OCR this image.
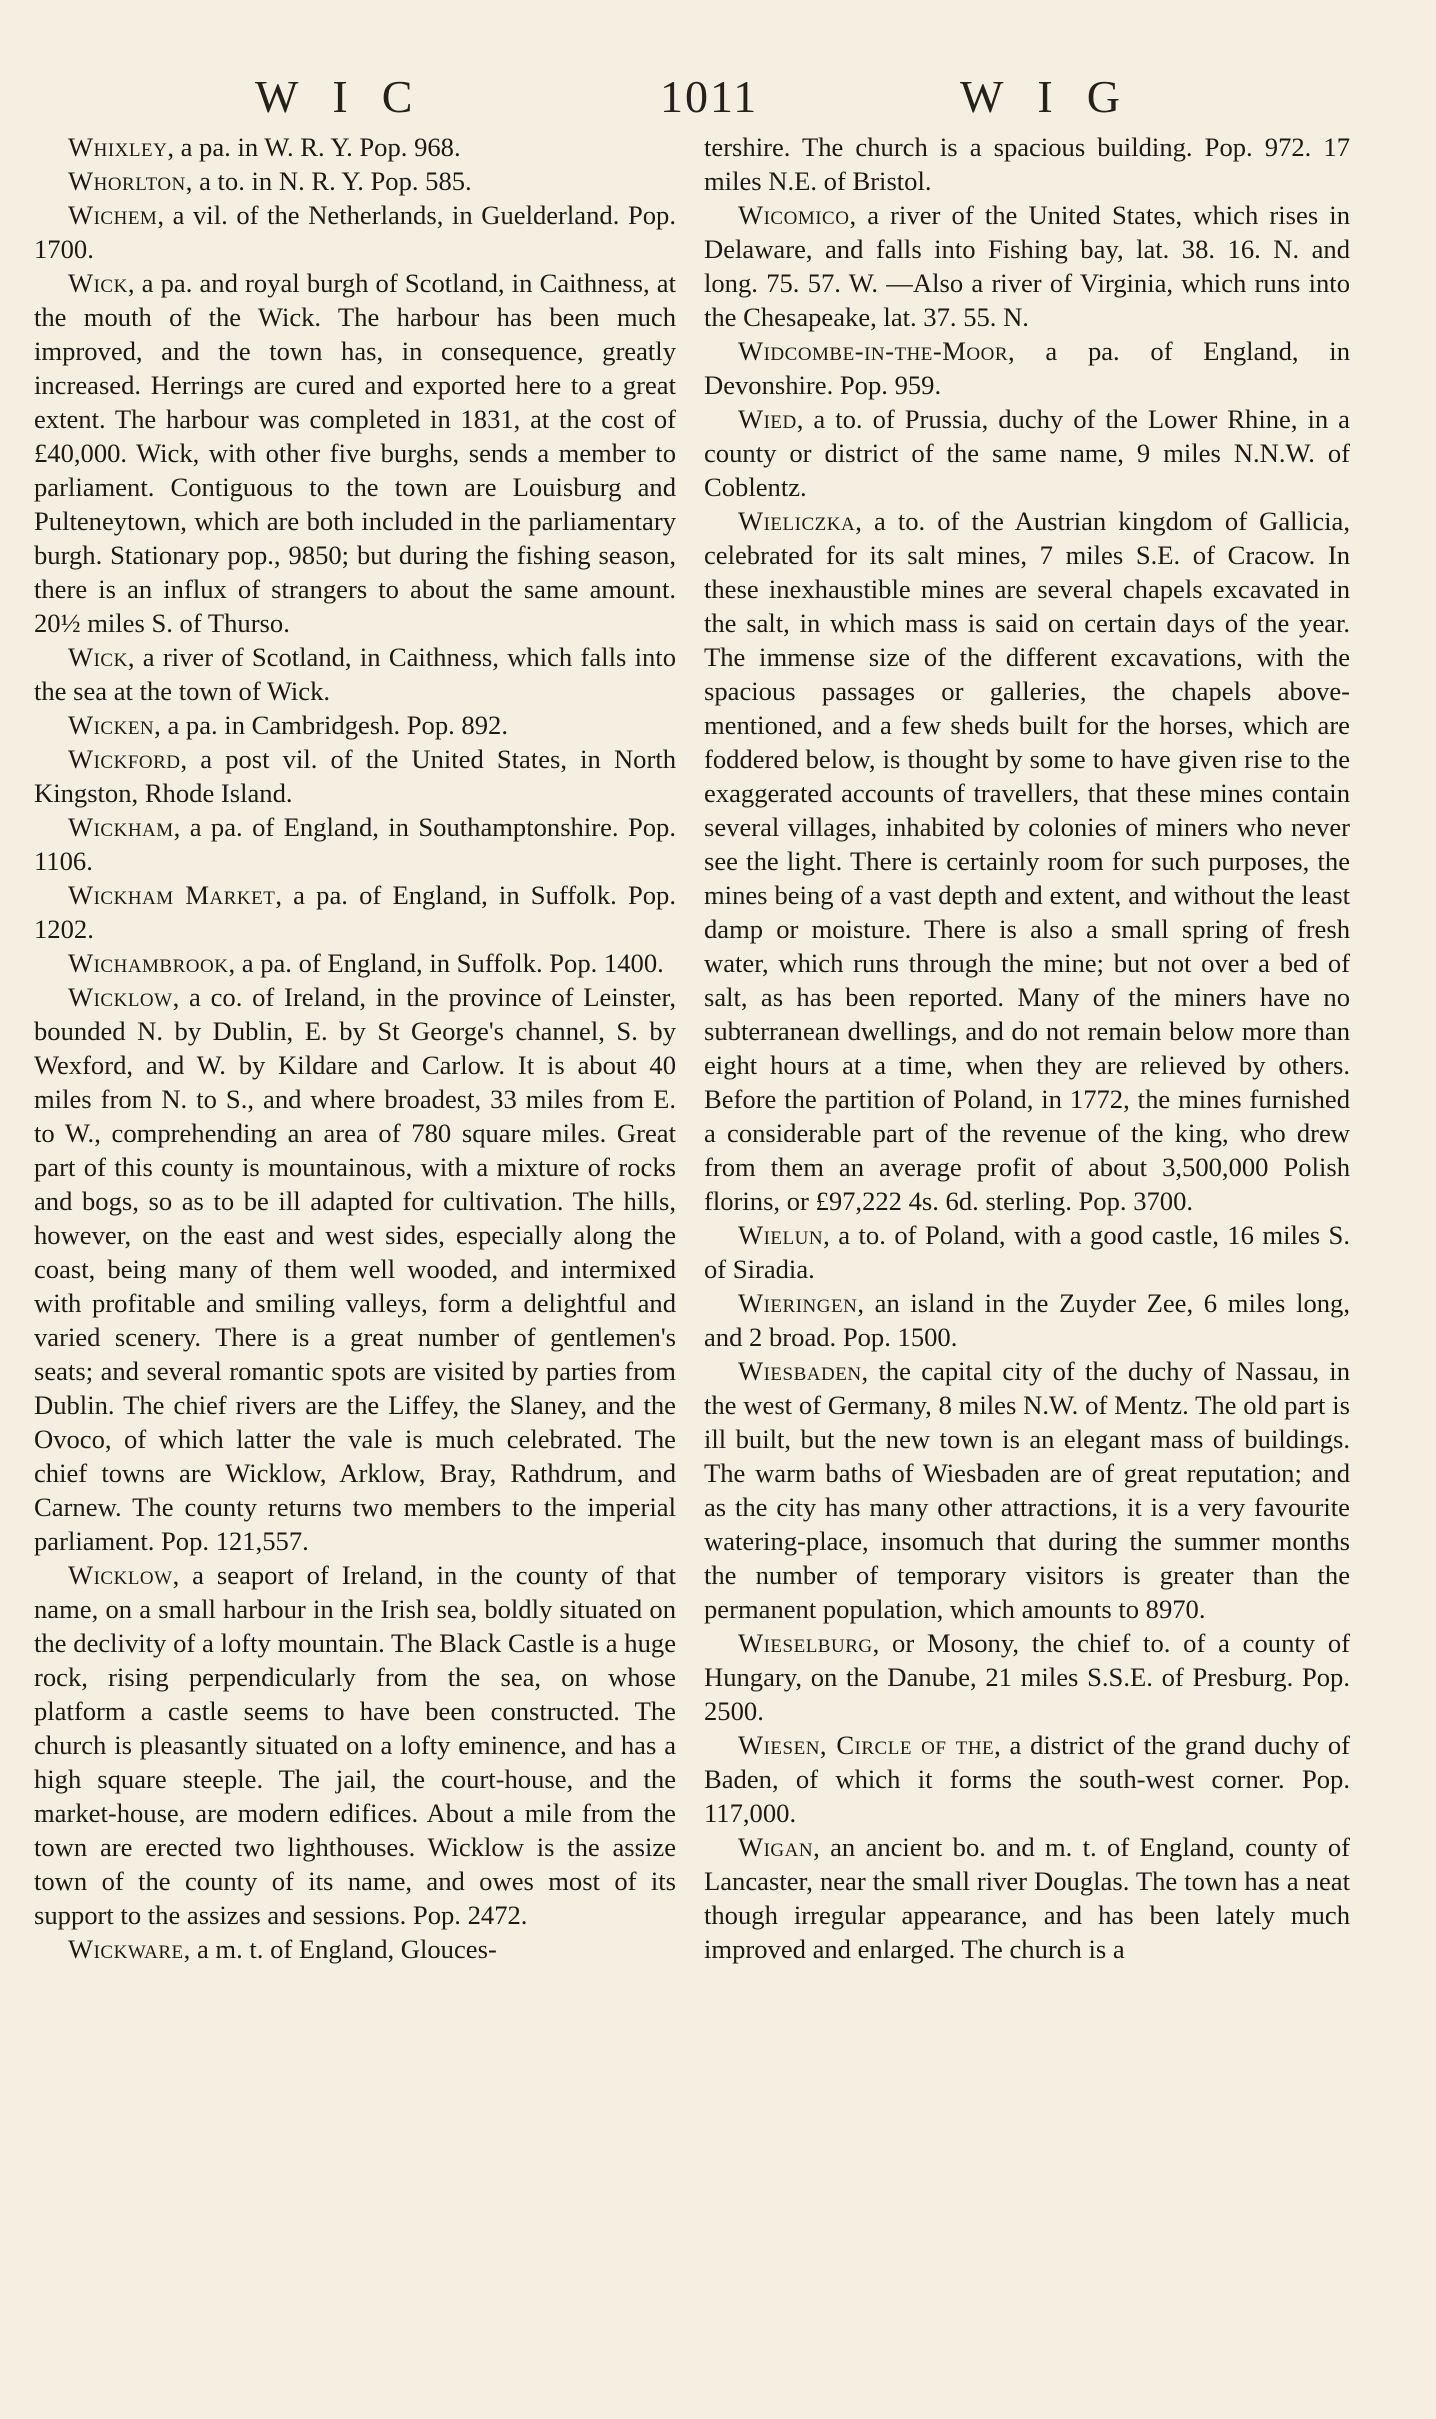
WIC	1011	WIG

Whixley, a pa. in W. R. Y. Pop. 968.

Whorlton, a to. in N. R. Y. Pop. 585.

Wichem, a vil. of the Netherlands, in Guelderland. Pop. 1700.

Wick, a pa. and royal burgh of Scotland, in Caithness, at the mouth of the Wick. The harbour has been much improved, and the town has, in consequence, greatly increased. Herrings are cured and exported here to a great extent. The harbour was completed in 1831, at the cost of £40,000. Wick, with other five burghs, sends a member to parliament. Contiguous to the town are Louisburg and Pulteneytown, which are both included in the parliamentary burgh. Stationary pop., 9850; but during the fishing season, there is an influx of strangers to about the same amount. 20½ miles S. of Thurso.

Wick, a river of Scotland, in Caithness, which falls into the sea at the town of Wick.

Wicken, a pa. in Cambridgesh. Pop. 892.

Wickford, a post vil. of the United States, in North Kingston, Rhode Island.

Wickham, a pa. of England, in Southamptonshire. Pop. 1106.

Wickham Market, a pa. of England, in Suffolk. Pop. 1202.

Wichambrook, a pa. of England, in Suffolk. Pop. 1400.

Wicklow, a co. of Ireland, in the province of Leinster, bounded N. by Dublin, E. by St George's channel, S. by Wexford, and W. by Kildare and Carlow. It is about 40 miles from N. to S., and where broadest, 33 miles from E. to W., comprehending an area of 780 square miles. Great part of this county is mountainous, with a mixture of rocks and bogs, so as to be ill adapted for cultivation. The hills, however, on the east and west sides, especially along the coast, being many of them well wooded, and intermixed with profitable and smiling valleys, form a delightful and varied scenery. There is a great number of gentlemen's seats; and several romantic spots are visited by parties from Dublin. The chief rivers are the Liffey, the Slaney, and the Ovoco, of which latter the vale is much celebrated. The chief towns are Wicklow, Arklow, Bray, Rathdrum, and Carnew. The county returns two members to the imperial parliament. Pop. 121,557.

Wicklow, a seaport of Ireland, in the county of that name, on a small harbour in the Irish sea, boldly situated on the declivity of a lofty mountain. The Black Castle is a huge rock, rising perpendicularly from the sea, on whose platform a castle seems to have been constructed. The church is pleasantly situated on a lofty eminence, and has a high square steeple. The jail, the court-house, and the market-house, are modern edifices. About a mile from the town are erected two lighthouses. Wicklow is the assize town of the county of its name, and owes most of its support to the assizes and sessions. Pop. 2472.

Wickware, a m. t. of England, Glouces-

tershire. The church is a spacious building. Pop. 972. 17 miles N.E. of Bristol.

Wicomico, a river of the United States, which rises in Delaware, and falls into Fishing bay, lat. 38. 16. N. and long. 75. 57. W. —Also a river of Virginia, which runs into the Chesapeake, lat. 37. 55. N.

Widcombe-in-the-Moor, a pa. of England, in Devonshire. Pop. 959.

Wied, a to. of Prussia, duchy of the Lower Rhine, in a county or district of the same name, 9 miles N.N.W. of Coblentz.

Wieliczka, a to. of the Austrian kingdom of Gallicia, celebrated for its salt mines, 7 miles S.E. of Cracow. In these inexhaustible mines are several chapels excavated in the salt, in which mass is said on certain days of the year. The immense size of the different excavations, with the spacious passages or galleries, the chapels above-mentioned, and a few sheds built for the horses, which are foddered below, is thought by some to have given rise to the exaggerated accounts of travellers, that these mines contain several villages, inhabited by colonies of miners who never see the light. There is certainly room for such purposes, the mines being of a vast depth and extent, and without the least damp or moisture. There is also a small spring of fresh water, which runs through the mine; but not over a bed of salt, as has been reported. Many of the miners have no subterranean dwellings, and do not remain below more than eight hours at a time, when they are relieved by others. Before the partition of Poland, in 1772, the mines furnished a considerable part of the revenue of the king, who drew from them an average profit of about 3,500,000 Polish florins, or £97,222 4s. 6d. sterling. Pop. 3700.

Wielun, a to. of Poland, with a good castle, 16 miles S. of Siradia.

Wieringen, an island in the Zuyder Zee, 6 miles long, and 2 broad. Pop. 1500.

Wiesbaden, the capital city of the duchy of Nassau, in the west of Germany, 8 miles N.W. of Mentz. The old part is ill built, but the new town is an elegant mass of buildings. The warm baths of Wiesbaden are of great reputation; and as the city has many other attractions, it is a very favourite watering-place, insomuch that during the summer months the number of temporary visitors is greater than the permanent population, which amounts to 8970.

Wieselburg, or Mosony, the chief to. of a county of Hungary, on the Danube, 21 miles S.S.E. of Presburg. Pop. 2500.

Wiesen, Circle of the, a district of the grand duchy of Baden, of which it forms the south-west corner. Pop. 117,000.

Wigan, an ancient bo. and m. t. of England, county of Lancaster, near the small river Douglas. The town has a neat though irregular appearance, and has been lately much improved and enlarged. The church is a
